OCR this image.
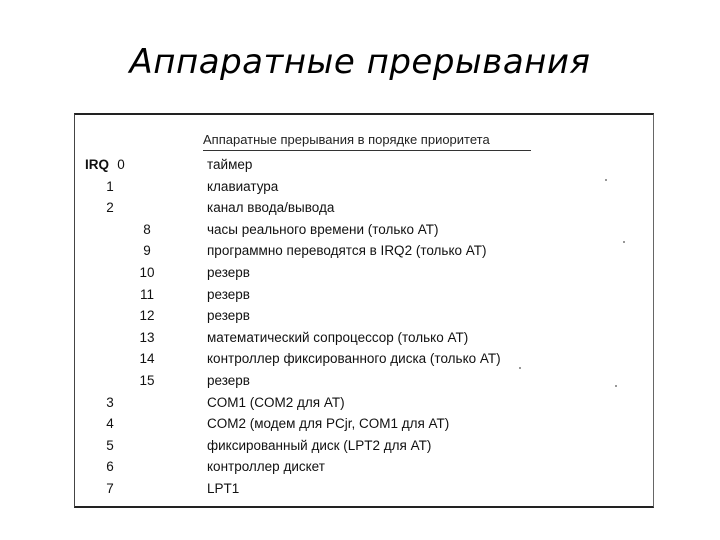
Аппаратные прерывания
Аппаратные прерывания в порядке приоритета
IRQ 0	таймер
1	клавиатура
2	канал ввода/вывода
8	часы реального времени (только AT)
9	программно переводятся в IRQ2 (только AT)
10	резерв
11	резерв
12	резерв
13	математический сопроцессор (только AT)
14	контроллер фиксированного диска (только AT)
15	резерв
3	COM1 (COM2 для AT)
4	COM2 (модем для PCjr, COM1 для AT)
5	фиксированный диск (LPT2 для AT)
6	контроллер дискет
7	LPT1
